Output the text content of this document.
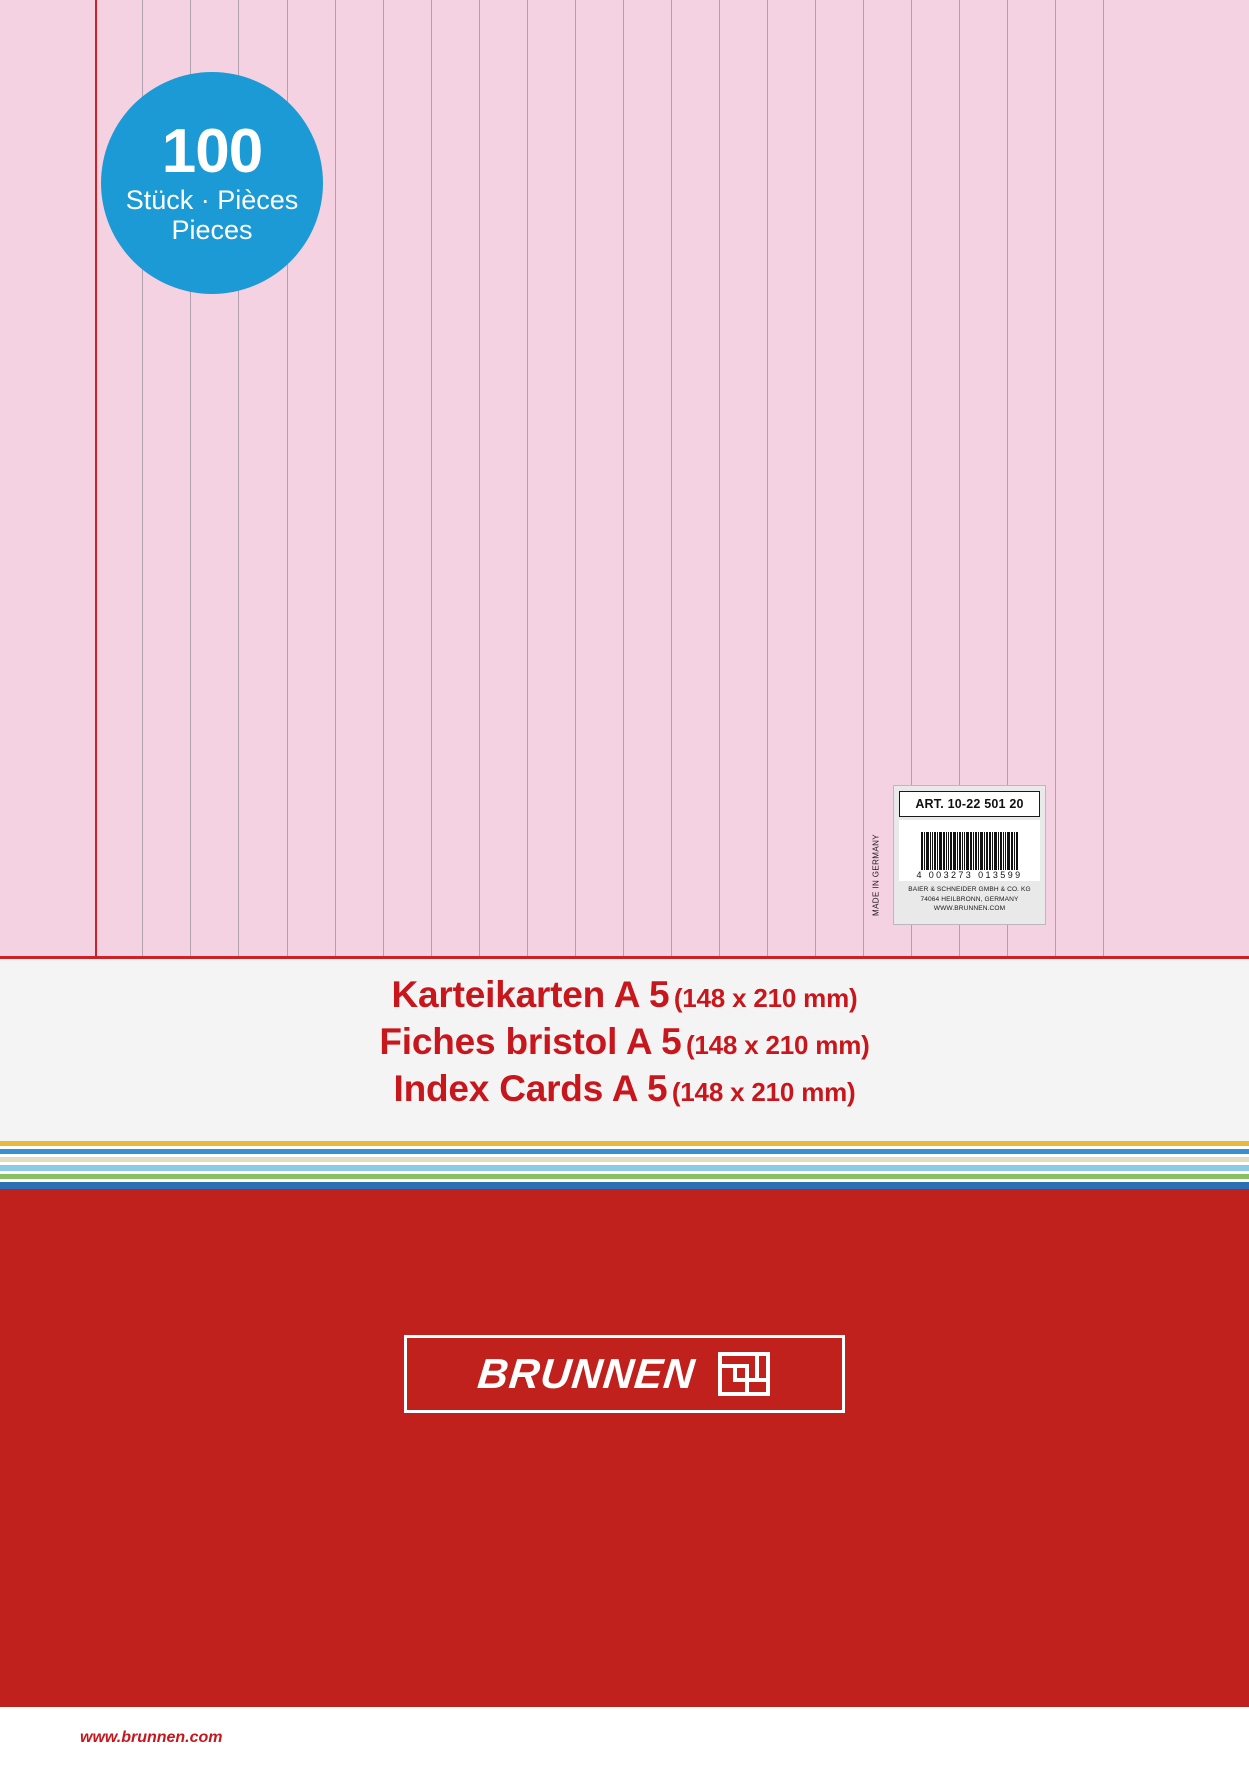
100
Stück · Pièces
Pieces
MADE IN GERMANY
ART. 10-22 501 20
4 003273 013599
BAIER & SCHNEIDER GMBH & CO. KG
74064 HEILBRONN, GERMANY
WWW.BRUNNEN.COM
Karteikarten A 5 (148 x 210 mm)
Fiches bristol A 5 (148 x 210 mm)
Index Cards A 5 (148 x 210 mm)
BRUNNEN
www.brunnen.com
